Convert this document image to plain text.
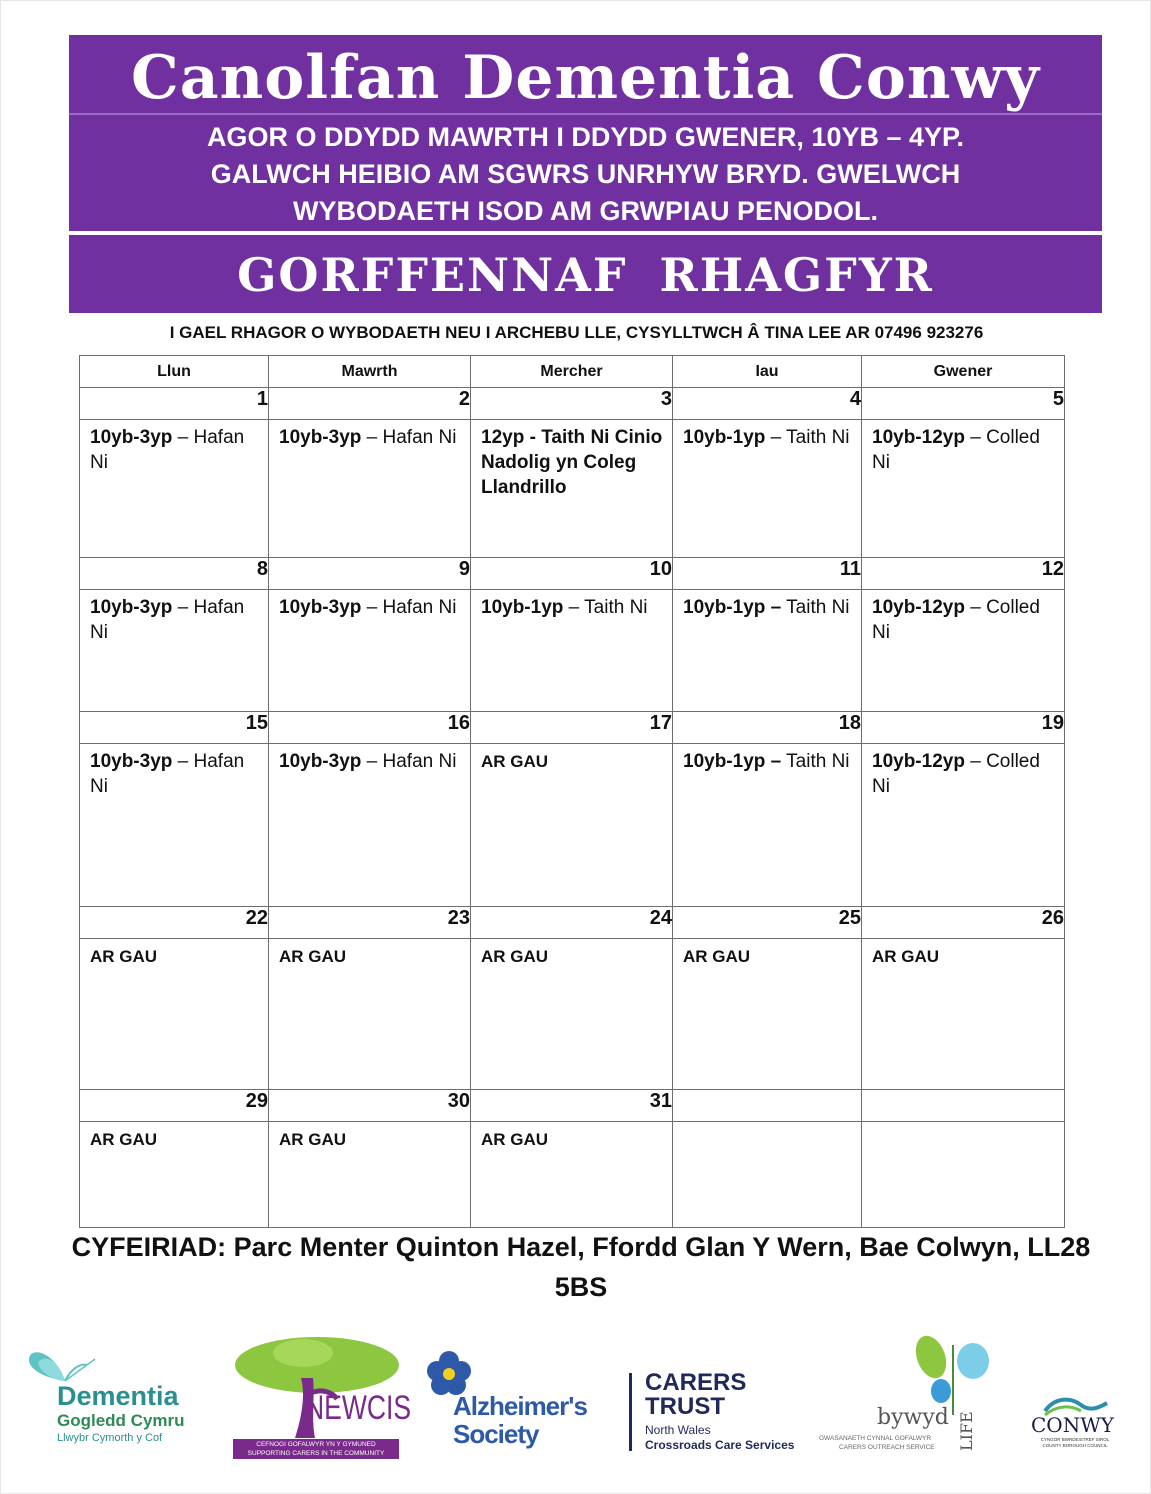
Canolfan Dementia Conwy
AGOR O DDYDD MAWRTH I DDYDD GWENER, 10YB – 4YP.
GALWCH HEIBIO AM SGWRS UNRHYW BRYD. GWELWCH
WYBODAETH ISOD AM GRWPIAU PENODOL.
GORFFENNAF RHAGFYR
I GAEL RHAGOR O WYBODAETH NEU I ARCHEBU LLE, CYSYLLTWCH Â TINA LEE AR 07496 923276
Llun	Mawrth	Mercher	Iau	Gwener
1	2	3	4	5

10yb-3yp – Hafan Ni	10yb-3yp – Hafan Ni	12yp - Taith Ni Cinio Nadolig yn Coleg Llandrillo	10yb-1yp – Taith Ni	10yb-12yp – Colled Ni

8	9	10	11	12

10yb-3yp – Hafan Ni	10yb-3yp – Hafan Ni	10yb-1yp – Taith Ni	10yb-1yp – Taith Ni	10yb-12yp – Colled Ni

15	16	17	18	19

10yb-3yp – Hafan Ni	10yb-3yp – Hafan Ni	AR GAU	10yb-1yp – Taith Ni	10yb-12yp – Colled Ni

22	23	24	25	26

AR GAU	AR GAU	AR GAU	AR GAU	AR GAU

29	30	31		

AR GAU	AR GAU	AR GAU		

CYFEIRIAD: Parc Menter Quinton Hazel, Ffordd Glan Y Wern, Bae Colwyn, LL28 5BS
Dementia
Gogledd Cymru
Llwybr Cymorth y Cof
NEWCIS
CEFNOGI GOFALWYR YN Y GYMUNED
SUPPORTING CARERS IN THE COMMUNITY
Alzheimer's
Society
CARERS
TRUST
North Wales
Crossroads Care Services
bywyd LIFE
GWASANAETH CYNNAL GOFALWYR
CARERS OUTREACH SERVICE
CONWY
CYNGOR BWRDEISTREF SIROL COUNTY BOROUGH COUNCIL
